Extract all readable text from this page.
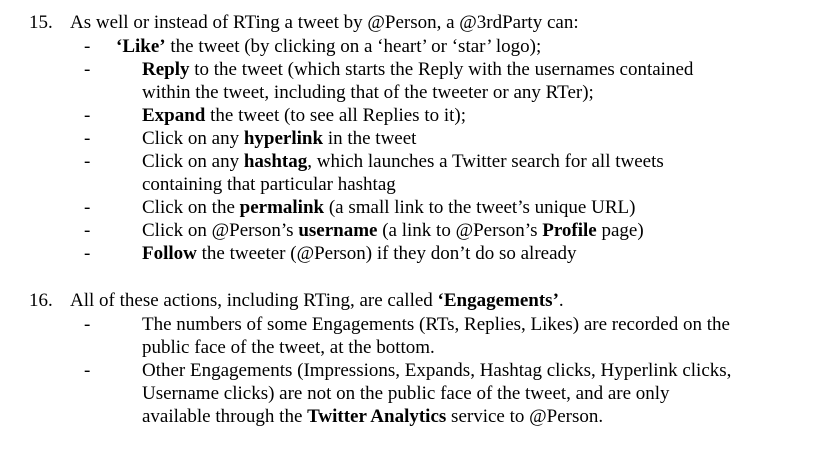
15. As well or instead of RTing a tweet by @Person, a @3rdParty can:
- ‘Like’ the tweet (by clicking on a ‘heart’ or ‘star’ logo);
-	Reply to the tweet (which starts the Reply with the usernames contained
within the tweet, including that of the tweeter or any RTer);
-	Expand the tweet (to see all Replies to it);
-	Click on any hyperlink in the tweet
-	Click on any hashtag, which launches a Twitter search for all tweets
containing that particular hashtag
-	Click on the permalink (a small link to the tweet’s unique URL)
-	Click on @Person’s username (a link to @Person’s Profile page)
-	Follow the tweeter (@Person) if they don’t do so already
16. All of these actions, including RTing, are called ‘Engagements’.
-	The numbers of some Engagements (RTs, Replies, Likes) are recorded on the
public face of the tweet, at the bottom.
-	Other Engagements (Impressions, Expands, Hashtag clicks, Hyperlink clicks,
Username clicks) are not on the public face of the tweet, and are only
available through the Twitter Analytics service to @Person.
